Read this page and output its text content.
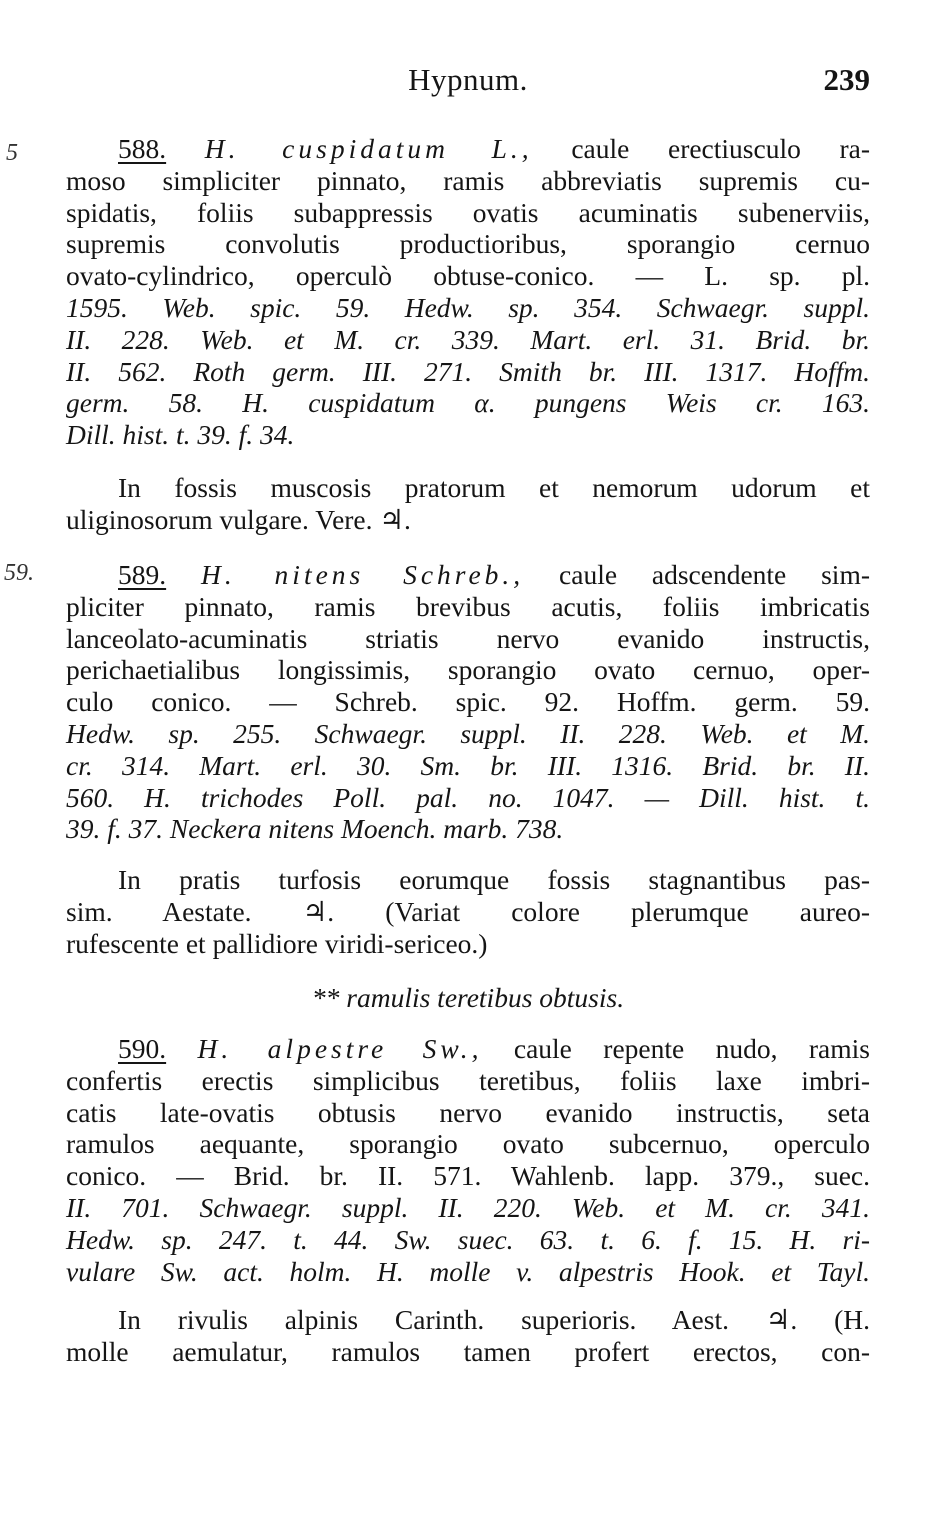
Hypnum.	239
5
59.
588. H. cuspidatum L., caule erectiusculo ra-
moso simpliciter pinnato, ramis abbreviatis supremis cu-
spidatis, foliis subappressis ovatis acuminatis subenerviis,
supremis convolutis productioribus, sporangio cernuo
ovato-cylindrico, operculò obtuse-conico. — L. sp. pl.
1595. Web. spic. 59. Hedw. sp. 354. Schwaegr. suppl.
II. 228. Web. et M. cr. 339. Mart. erl. 31. Brid. br.
II. 562. Roth germ. III. 271. Smith br. III. 1317. Hoffm.
germ. 58. H. cuspidatum α. pungens Weis cr. 163.
Dill. hist. t. 39. f. 34.
In fossis muscosis pratorum et nemorum udorum et
uliginosorum vulgare. Vere. ♃.
589. H. nitens Schreb., caule adscendente sim-
pliciter pinnato, ramis brevibus acutis, foliis imbricatis
lanceolato-acuminatis striatis nervo evanido instructis,
perichaetialibus longissimis, sporangio ovato cernuo, oper-
culo conico. — Schreb. spic. 92. Hoffm. germ. 59.
Hedw. sp. 255. Schwaegr. suppl. II. 228. Web. et M.
cr. 314. Mart. erl. 30. Sm. br. III. 1316. Brid. br. II.
560. H. trichodes Poll. pal. no. 1047. — Dill. hist. t.
39. f. 37. Neckera nitens Moench. marb. 738.
In pratis turfosis eorumque fossis stagnantibus pas-
sim. Aestate. ♃. (Variat colore plerumque aureo-
rufescente et pallidiore viridi-sericeo.)
** ramulis teretibus obtusis.
590. H. alpestre Sw., caule repente nudo, ramis
confertis erectis simplicibus teretibus, foliis laxe imbri-
catis late-ovatis obtusis nervo evanido instructis, seta
ramulos aequante, sporangio ovato subcernuo, operculo
conico. — Brid. br. II. 571. Wahlenb. lapp. 379., suec.
II. 701. Schwaegr. suppl. II. 220. Web. et M. cr. 341.
Hedw. sp. 247. t. 44. Sw. suec. 63. t. 6. f. 15. H. ri-
vulare Sw. act. holm. H. molle v. alpestris Hook. et Tayl.
In rivulis alpinis Carinth. superioris. Aest. ♃. (H.
molle aemulatur, ramulos tamen profert erectos, con-
